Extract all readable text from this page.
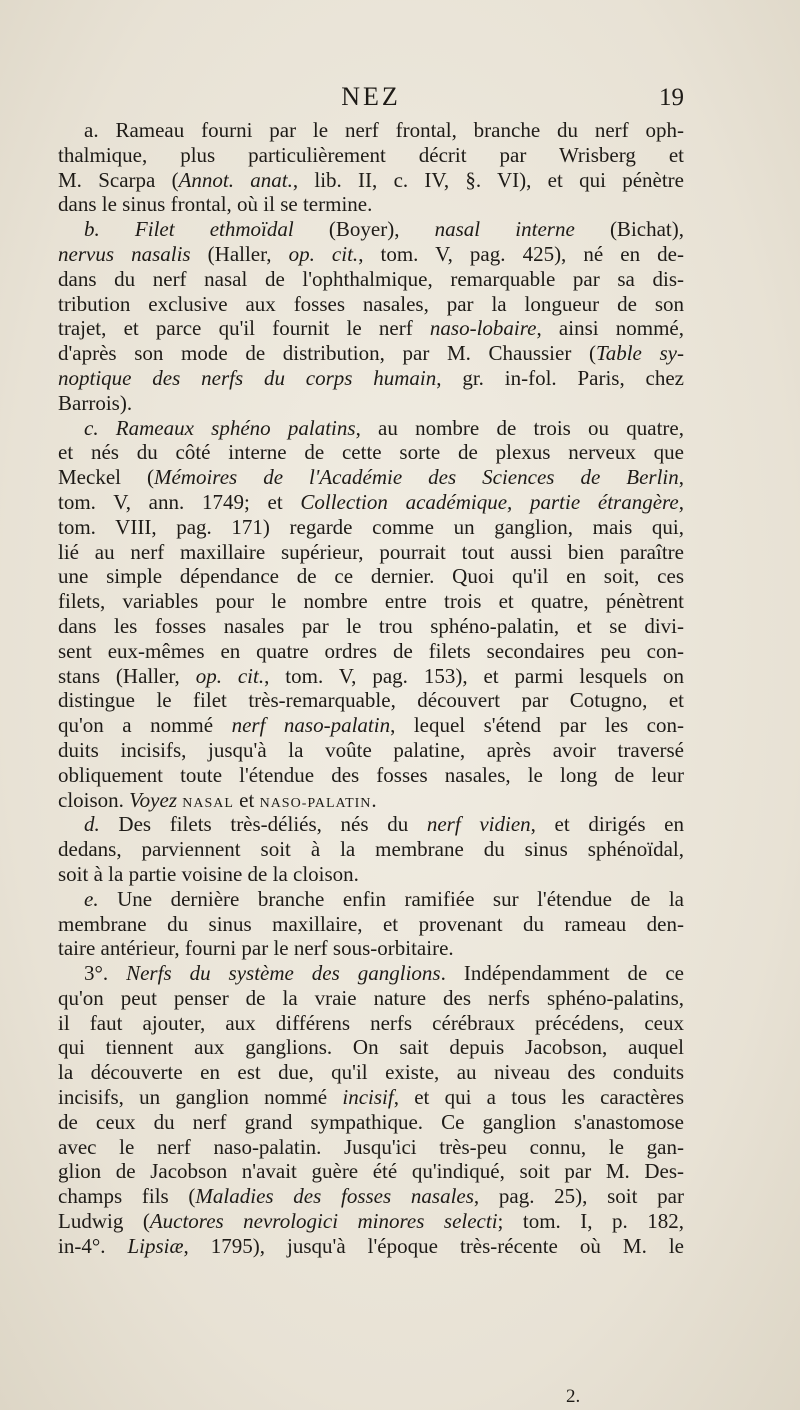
NEZ	19
a. Rameau fourni par le nerf frontal, branche du nerf oph-
thalmique, plus particulièrement décrit par Wrisberg et
M. Scarpa (Annot. anat., lib. II, c. IV, §. VI), et qui pénètre
dans le sinus frontal, où il se termine.
b. Filet ethmoïdal (Boyer), nasal interne (Bichat),
nervus nasalis (Haller, op. cit., tom. V, pag. 425), né en de-
dans du nerf nasal de l'ophthalmique, remarquable par sa dis-
tribution exclusive aux fosses nasales, par la longueur de son
trajet, et parce qu'il fournit le nerf naso-lobaire, ainsi nommé,
d'après son mode de distribution, par M. Chaussier (Table sy-
noptique des nerfs du corps humain, gr. in-fol. Paris, chez
Barrois).
c. Rameaux sphéno palatins, au nombre de trois ou quatre,
et nés du côté interne de cette sorte de plexus nerveux que
Meckel (Mémoires de l'Académie des Sciences de Berlin,
tom. V, ann. 1749; et Collection académique, partie étrangère,
tom. VIII, pag. 171) regarde comme un ganglion, mais qui,
lié au nerf maxillaire supérieur, pourrait tout aussi bien paraître
une simple dépendance de ce dernier. Quoi qu'il en soit, ces
filets, variables pour le nombre entre trois et quatre, pénètrent
dans les fosses nasales par le trou sphéno-palatin, et se divi-
sent eux-mêmes en quatre ordres de filets secondaires peu con-
stans (Haller, op. cit., tom. V, pag. 153), et parmi lesquels on
distingue le filet très-remarquable, découvert par Cotugno, et
qu'on a nommé nerf naso-palatin, lequel s'étend par les con-
duits incisifs, jusqu'à la voûte palatine, après avoir traversé
obliquement toute l'étendue des fosses nasales, le long de leur
cloison. Voyez NASAL et NASO-PALATIN.
d. Des filets très-déliés, nés du nerf vidien, et dirigés en
dedans, parviennent soit à la membrane du sinus sphénoïdal,
soit à la partie voisine de la cloison.
e. Une dernière branche enfin ramifiée sur l'étendue de la
membrane du sinus maxillaire, et provenant du rameau den-
taire antérieur, fourni par le nerf sous-orbitaire.
3°. Nerfs du système des ganglions. Indépendamment de ce
qu'on peut penser de la vraie nature des nerfs sphéno-palatins,
il faut ajouter, aux différens nerfs cérébraux précédens, ceux
qui tiennent aux ganglions. On sait depuis Jacobson, auquel
la découverte en est due, qu'il existe, au niveau des conduits
incisifs, un ganglion nommé incisif, et qui a tous les caractères
de ceux du nerf grand sympathique. Ce ganglion s'anastomose
avec le nerf naso-palatin. Jusqu'ici très-peu connu, le gan-
glion de Jacobson n'avait guère été qu'indiqué, soit par M. Des-
champs fils (Maladies des fosses nasales, pag. 25), soit par
Ludwig (Auctores nevrologici minores selecti; tom. I, p. 182,
in-4°. Lipsiæ, 1795), jusqu'à l'époque très-récente où M. le
2.
